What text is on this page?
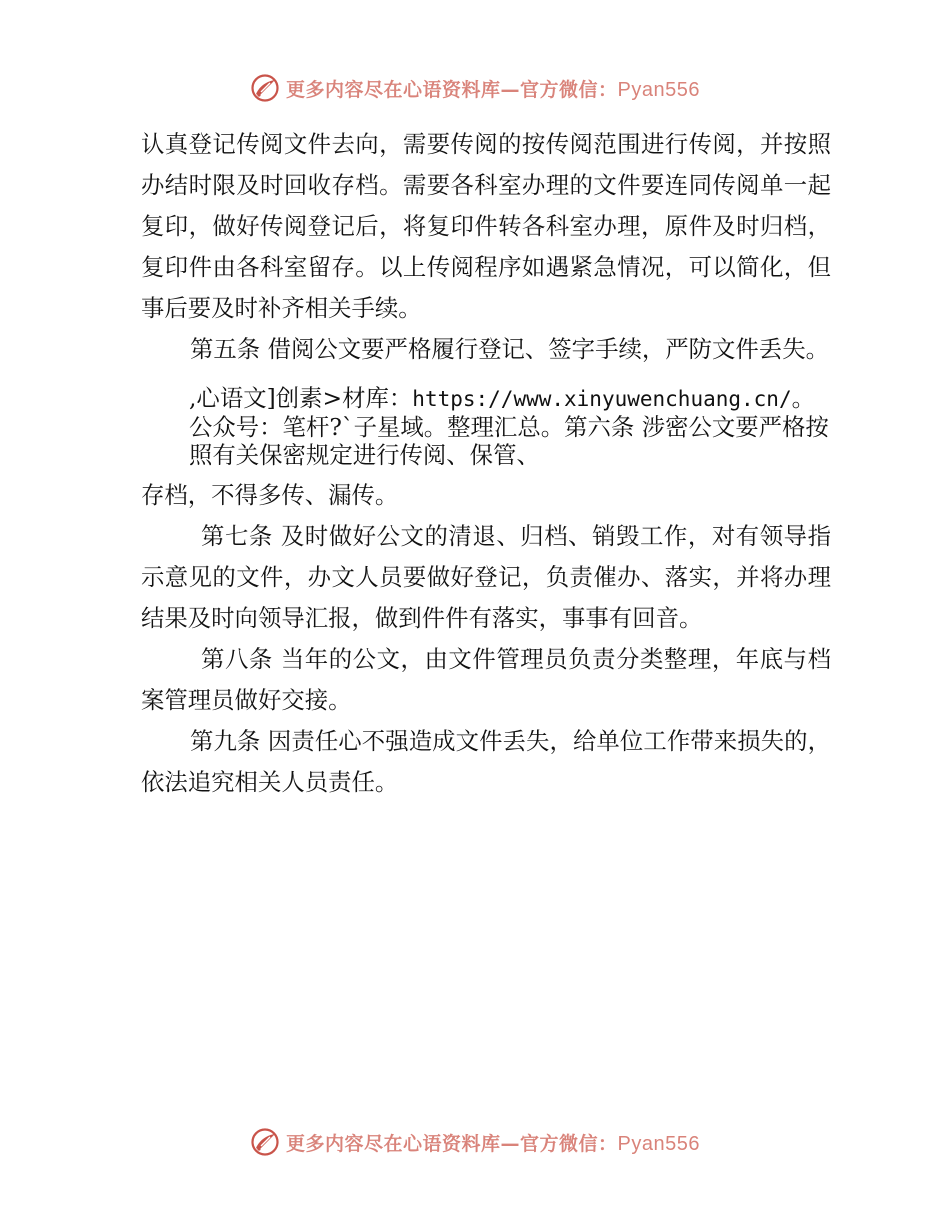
更多内容尽在心语资料库—官方微信：Pyan556

认真登记传阅文件去向，需要传阅的按传阅范围进行传阅，并按照办结时限及时回收存档。需要各科室办理的文件要连同传阅单一起复印，做好传阅登记后，将复印件转各科室办理，原件及时归档，复印件由各科室留存。以上传阅程序如遇紧急情况，可以简化，但事后要及时补齐相关手续。

第五条 借阅公文要严格履行登记、签字手续，严防文件丢失。

,心语文]创素>材库：https://www.xinyuwenchuang.cn/。公众号：笔杆?`子星域。整理汇总。第六条 涉密公文要严格按照有关保密规定进行传阅、保管、

存档，不得多传、漏传。

第七条 及时做好公文的清退、归档、销毁工作，对有领导指示意见的文件，办文人员要做好登记，负责催办、落实，并将办理结果及时向领导汇报，做到件件有落实，事事有回音。

第八条 当年的公文，由文件管理员负责分类整理，年底与档案管理员做好交接。

第九条 因责任心不强造成文件丢失，给单位工作带来损失的，依法追究相关人员责任。

更多内容尽在心语资料库—官方微信：Pyan556
